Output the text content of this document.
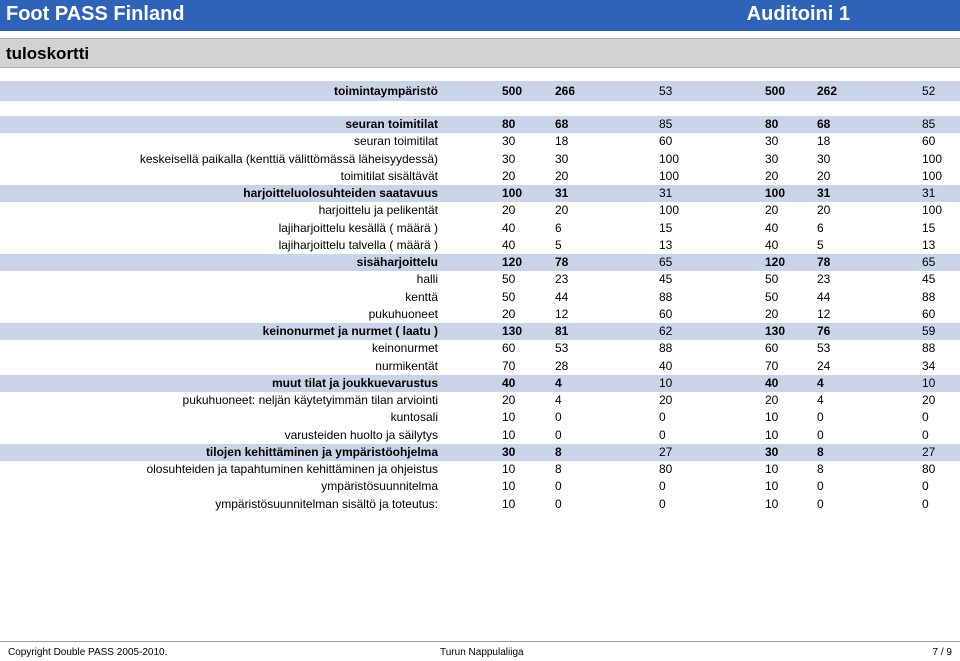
Foot PASS Finland	Auditoini 1
tuloskortti
toimintaympäristö	500	266	53	500	262	52
seuran toimitilat	80	68	85	80	68	85
seuran toimitilat	30	18	60	30	18	60
keskeisellä paikalla (kenttiä välittömässä läheisyydessä)	30	30	100	30	30	100
toimitilat sisältävät	20	20	100	20	20	100
harjoitteluolosuhteiden saatavuus	100	31	31	100	31	31
harjoittelu ja pelikentät	20	20	100	20	20	100
lajiharjoittelu kesällä ( määrä )	40	6	15	40	6	15
lajiharjoittelu talvella ( määrä )	40	5	13	40	5	13
sisäharjoittelu	120	78	65	120	78	65
halli	50	23	45	50	23	45
kenttä	50	44	88	50	44	88
pukuhuoneet	20	12	60	20	12	60
keinonurmet ja nurmet ( laatu )	130	81	62	130	76	59
keinonurmet	60	53	88	60	53	88
nurmikentät	70	28	40	70	24	34
muut tilat ja joukkuevarustus	40	4	10	40	4	10
pukuhuoneet: neljän käytetyimmän tilan arviointi	20	4	20	20	4	20
kuntosali	10	0	0	10	0	0
varusteiden huolto ja säilytys	10	0	0	10	0	0
tilojen kehittäminen ja ympäristöohjelma	30	8	27	30	8	27
olosuhteiden ja tapahtuminen kehittäminen ja ohjeistus	10	8	80	10	8	80
ympäristösuunnitelma	10	0	0	10	0	0
ympäristösuunnitelman sisältö ja toteutus:	10	0	0	10	0	0
Copyright Double PASS 2005-2010.	Turun Nappulaliiga	7 / 9
